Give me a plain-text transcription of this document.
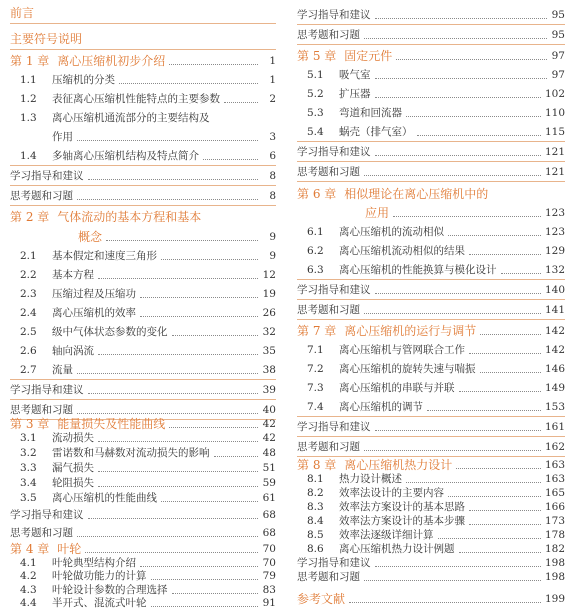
前言
主要符号说明
第 1 章 离心压缩机初步介绍	1
1.1	压缩机的分类	1
1.2	表征离心压缩机性能特点的主要参数	2
1.3	离心压缩机通流部分的主要结构及
作用	3
1.4	多轴离心压缩机结构及特点简介	6
学习指导和建议	8
思考题和习题	8
第 2 章 气体流动的基本方程和基本
概念	9
2.1	基本假定和速度三角形	9
2.2	基本方程	12
2.3	压缩过程及压缩功	19
2.4	离心压缩机的效率	26
2.5	级中气体状态参数的变化	32
2.6	轴向涡流	35
2.7	流量	38
学习指导和建议	39
思考题和习题	40
第 3 章 能量损失及性能曲线	42
3.1	流动损失	42
3.2	雷诺数和马赫数对流动损失的影响	48
3.3	漏气损失	51
3.4	轮阻损失	59
3.5	离心压缩机的性能曲线	61
学习指导和建议	68
思考题和习题	68
第 4 章 叶轮	70
4.1	叶轮典型结构介绍	70
4.2	叶轮做功能力的计算	79
4.3	叶轮设计参数的合理选择	83
4.4	半开式、混流式叶轮	91
学习指导和建议	95
思考题和习题	95
第 5 章 固定元件	97
5.1	吸气室	97
5.2	扩压器	102
5.3	弯道和回流器	110
5.4	蜗壳（排气室）	115
学习指导和建议	121
思考题和习题	121
第 6 章 相似理论在离心压缩机中的
应用	123
6.1	离心压缩机的流动相似	123
6.2	离心压缩机流动相似的结果	129
6.3	离心压缩机的性能换算与模化设计	132
学习指导和建议	140
思考题和习题	141
第 7 章 离心压缩机的运行与调节	142
7.1	离心压缩机与管网联合工作	142
7.2	离心压缩机的旋转失速与喘振	146
7.3	离心压缩机的串联与并联	149
7.4	离心压缩机的调节	153
学习指导和建议	161
思考题和习题	162
第 8 章 离心压缩机热力设计	163
8.1	热力设计概述	163
8.2	效率法设计的主要内容	165
8.3	效率法方案设计的基本思路	166
8.4	效率法方案设计的基本步骤	173
8.5	效率法逐级详细计算	178
8.6	离心压缩机热力设计例题	182
学习指导和建议	198
思考题和习题	198
参考文献	199
